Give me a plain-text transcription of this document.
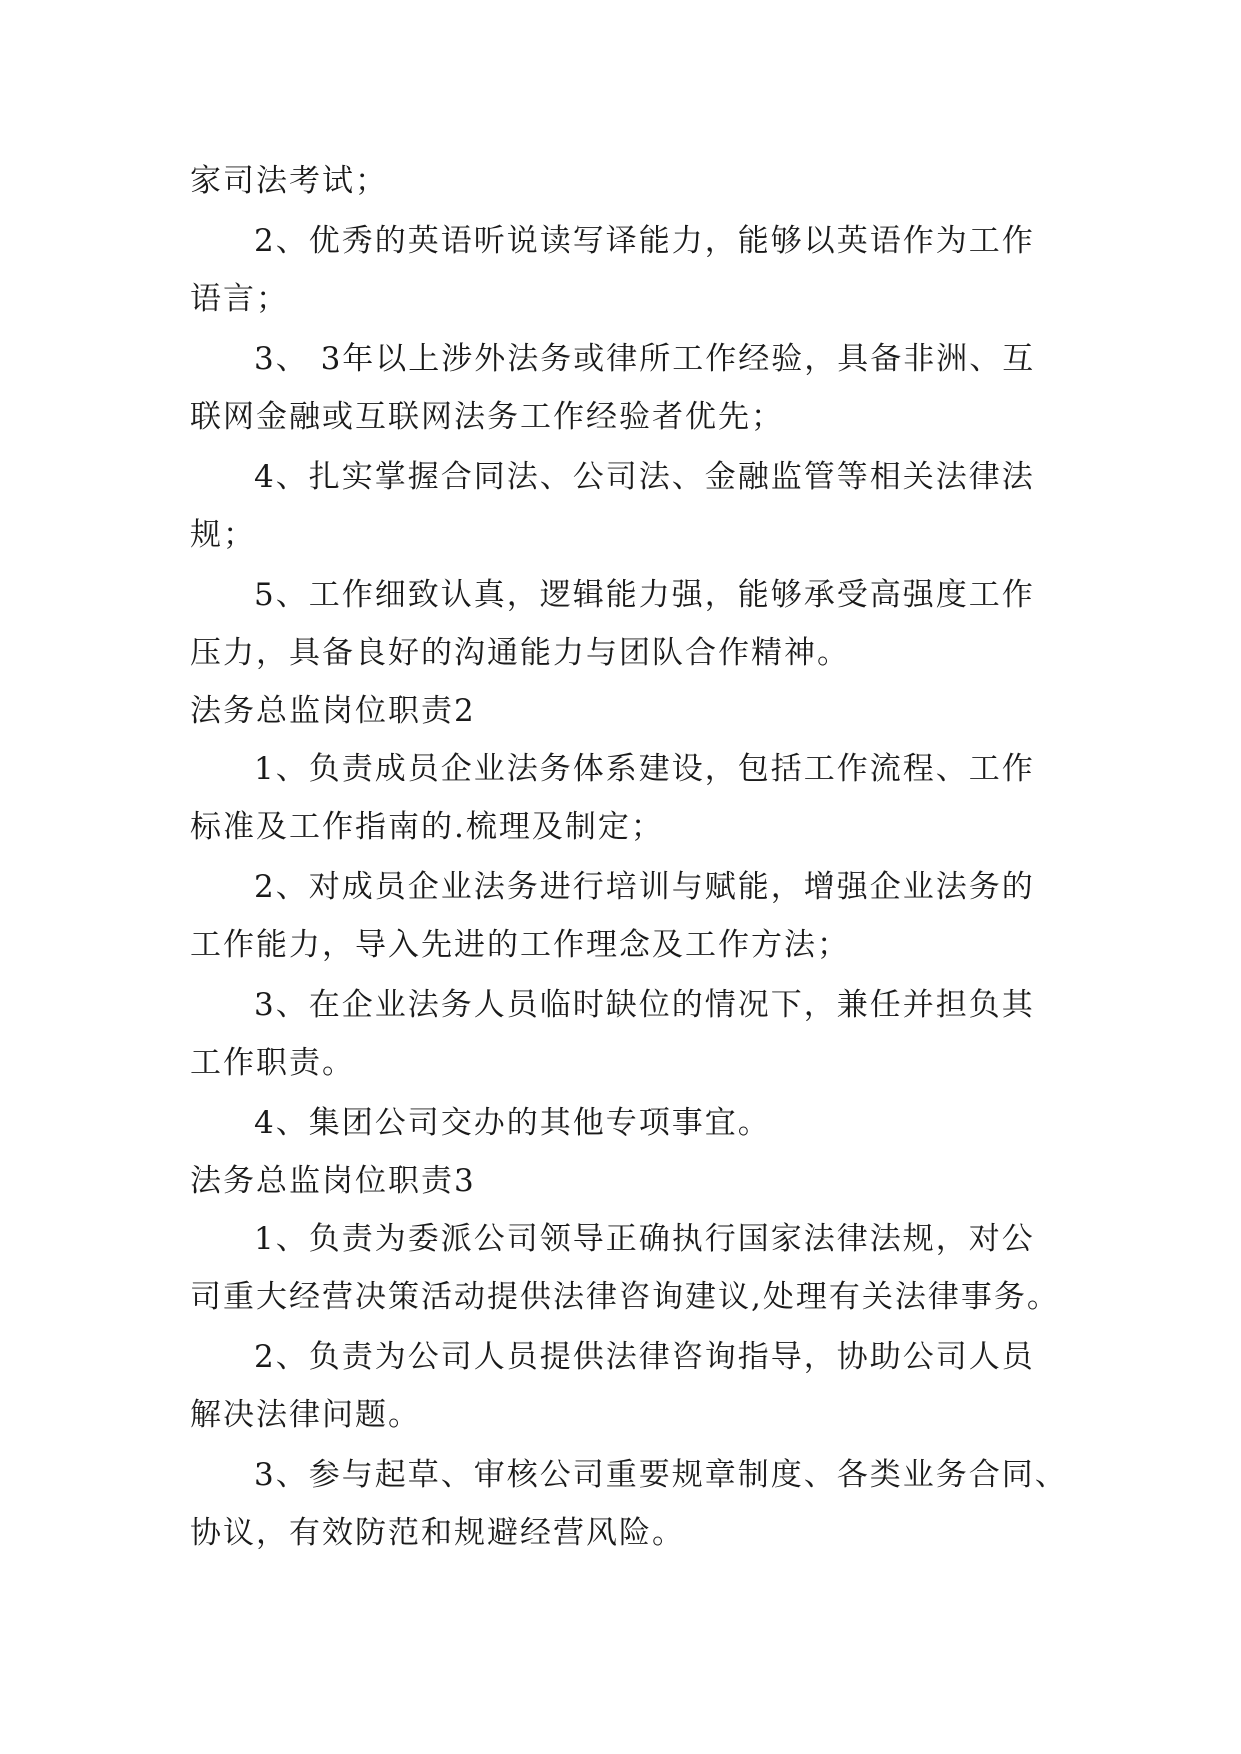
家司法考试；
2、优秀的英语听说读写译能力，能够以英语作为工作
语言；
3、 3年以上涉外法务或律所工作经验，具备非洲、互
联网金融或互联网法务工作经验者优先；
4、扎实掌握合同法、公司法、金融监管等相关法律法
规；
5、工作细致认真，逻辑能力强，能够承受高强度工作
压力，具备良好的沟通能力与团队合作精神。
法务总监岗位职责2
1、负责成员企业法务体系建设，包括工作流程、工作
标准及工作指南的.梳理及制定；
2、对成员企业法务进行培训与赋能，增强企业法务的
工作能力，导入先进的工作理念及工作方法；
3、在企业法务人员临时缺位的情况下，兼任并担负其
工作职责。
4、集团公司交办的其他专项事宜。
法务总监岗位职责3
1、负责为委派公司领导正确执行国家法律法规，对公
司重大经营决策活动提供法律咨询建议,处理有关法律事务。
2、负责为公司人员提供法律咨询指导，协助公司人员
解决法律问题。
3、参与起草、审核公司重要规章制度、各类业务合同、
协议，有效防范和规避经营风险。
